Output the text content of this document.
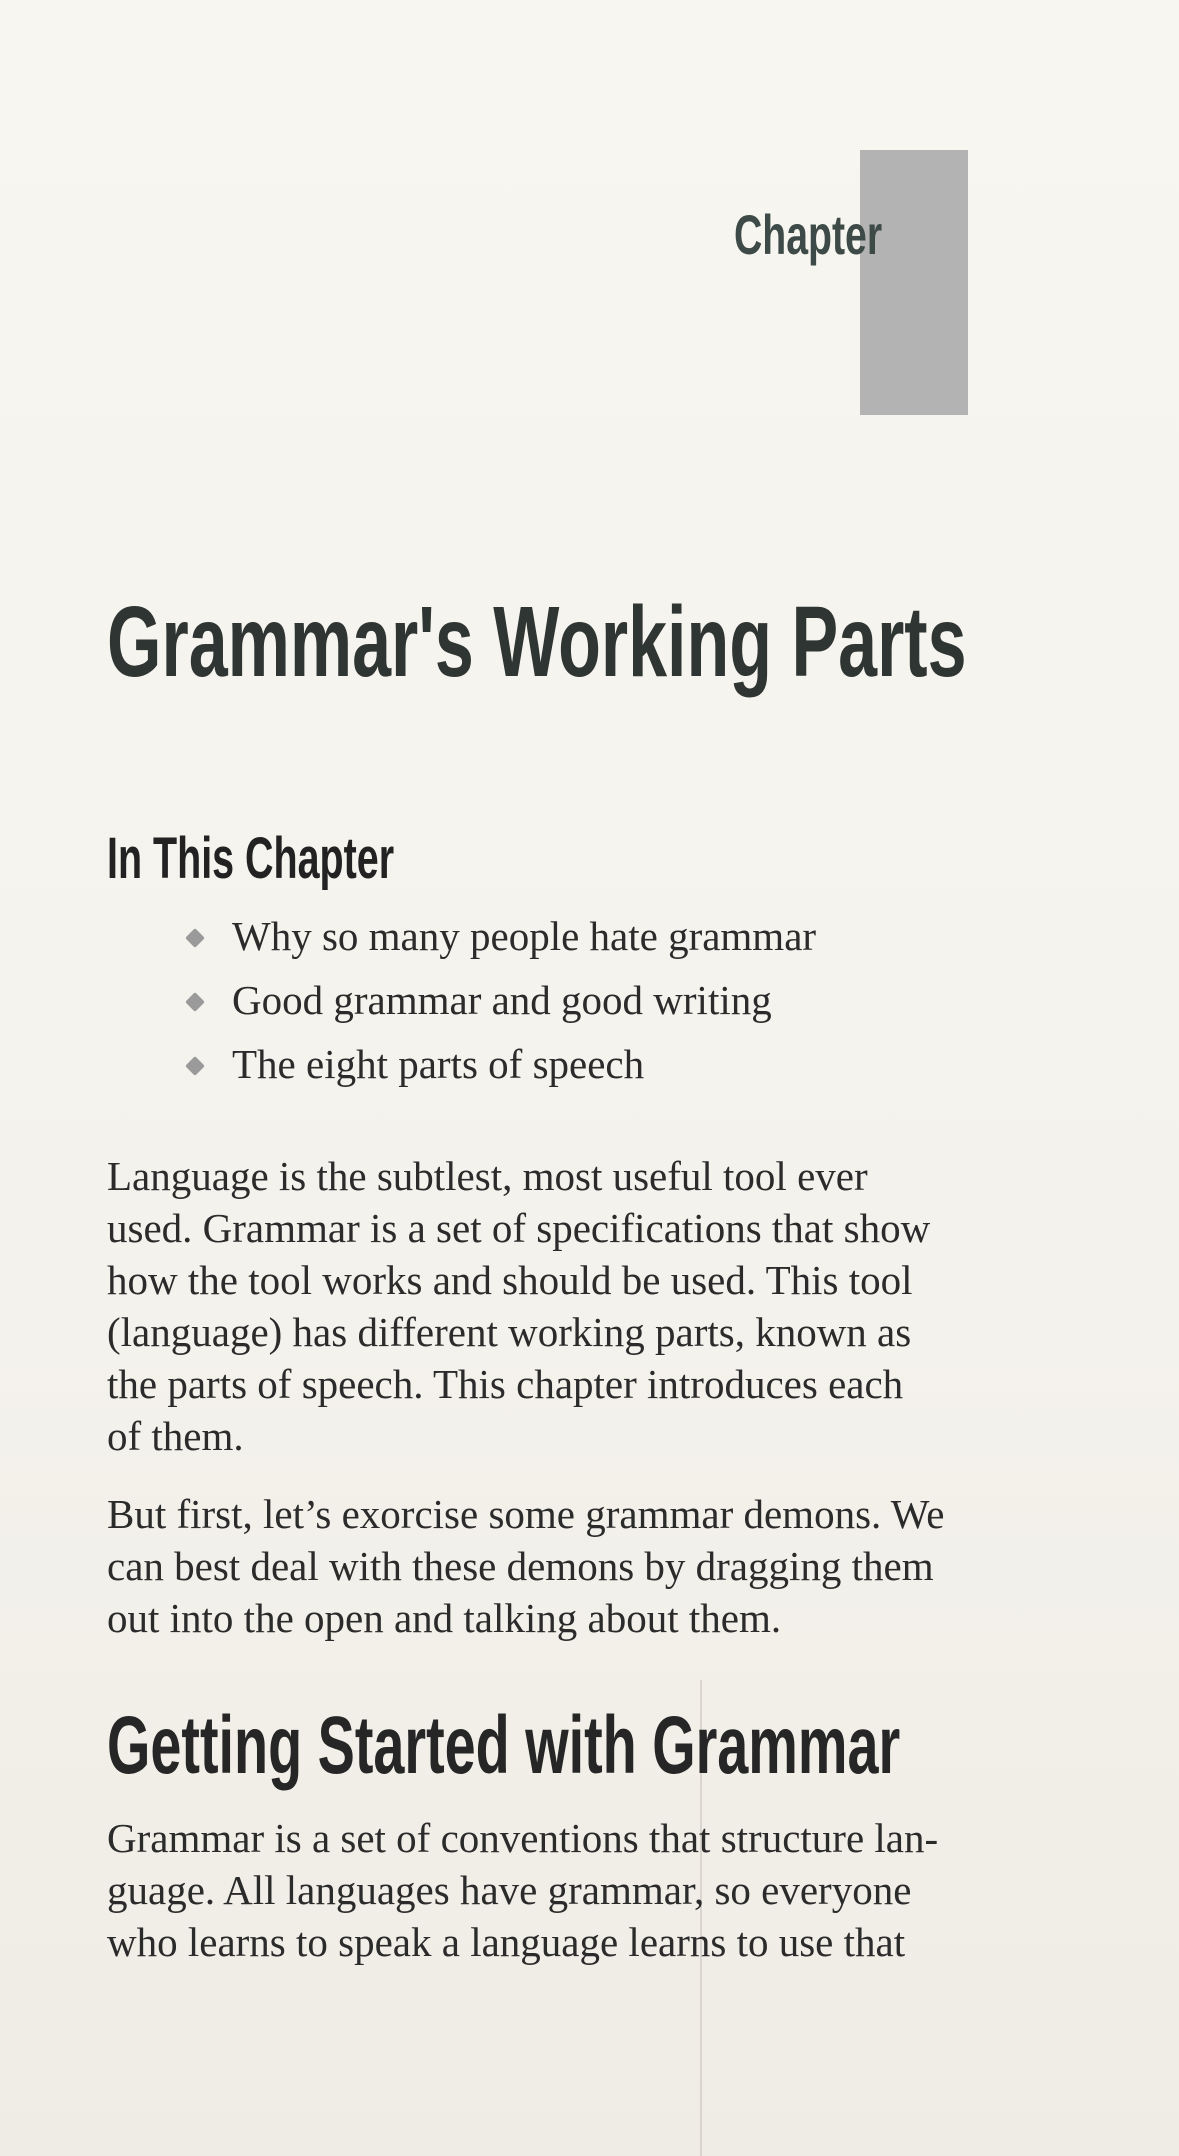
Chapter
Grammar's Working Parts
In This Chapter
Why so many people hate grammar
Good grammar and good writing
The eight parts of speech

Language is the subtlest, most useful tool ever
used. Grammar is a set of specifications that show
how the tool works and should be used. This tool
(language) has different working parts, known as
the parts of speech. This chapter introduces each
of them.

But first, let’s exorcise some grammar demons. We
can best deal with these demons by dragging them
out into the open and talking about them.

Getting Started with Grammar

Grammar is a set of conventions that structure lan-
guage. All languages have grammar, so everyone
who learns to speak a language learns to use that
